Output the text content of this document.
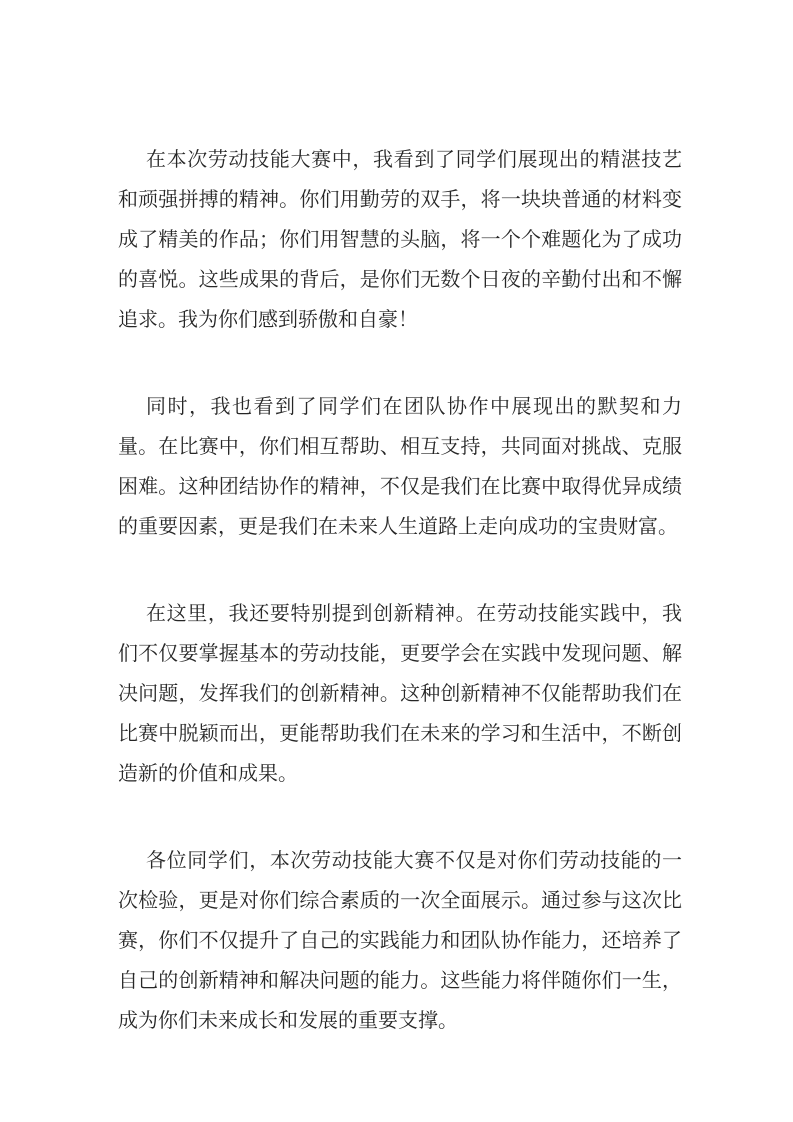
在本次劳动技能大赛中，我看到了同学们展现出的精湛技艺和顽强拼搏的精神。你们用勤劳的双手，将一块块普通的材料变成了精美的作品；你们用智慧的头脑，将一个个难题化为了成功的喜悦。这些成果的背后，是你们无数个日夜的辛勤付出和不懈追求。我为你们感到骄傲和自豪！

同时，我也看到了同学们在团队协作中展现出的默契和力量。在比赛中，你们相互帮助、相互支持，共同面对挑战、克服困难。这种团结协作的精神，不仅是我们在比赛中取得优异成绩的重要因素，更是我们在未来人生道路上走向成功的宝贵财富。

在这里，我还要特别提到创新精神。在劳动技能实践中，我们不仅要掌握基本的劳动技能，更要学会在实践中发现问题、解决问题，发挥我们的创新精神。这种创新精神不仅能帮助我们在比赛中脱颖而出，更能帮助我们在未来的学习和生活中，不断创造新的价值和成果。

各位同学们，本次劳动技能大赛不仅是对你们劳动技能的一次检验，更是对你们综合素质的一次全面展示。通过参与这次比赛，你们不仅提升了自己的实践能力和团队协作能力，还培养了自己的创新精神和解决问题的能力。这些能力将伴随你们一生，成为你们未来成长和发展的重要支撑。
